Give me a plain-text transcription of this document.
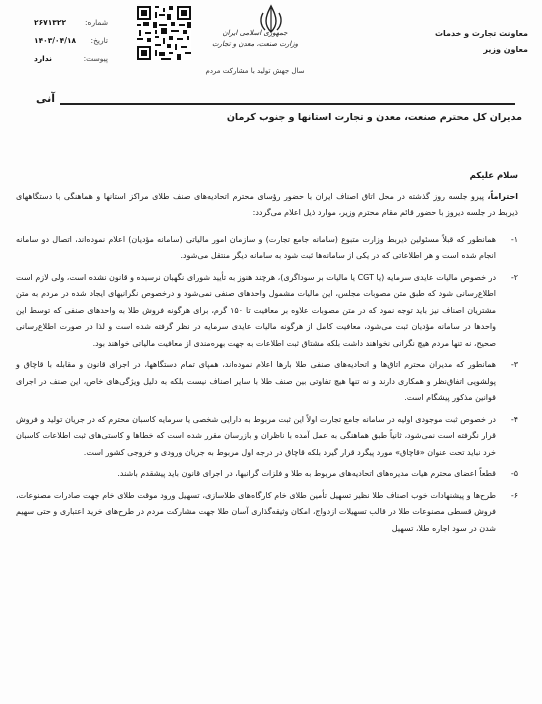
معاونت تجارت و خدمات
معاون وزیر
جمهوری اسلامی ایران
وزارت صنعت، معدن و تجارت
سال جهش تولید با مشارکت مردم
شماره:
۲۶۷۱۳۲۲
تاریخ:
۱۴۰۳/۰۴/۱۸
پیوست:
ندارد
آنی
مدیران کل محترم صنعت، معدن و تجارت استانها و جنوب کرمان

سلام علیکم

احتراماً، پیرو جلسه روز گذشته در محل اتاق اصناف ایران با حضور رؤسای محترم اتحادیه‌های صنف طلای مراکز استانها و هماهنگی با دستگاههای ذیربط در جلسه دیروز با حضور قائم مقام محترم وزیر، موارد ذیل اعلام می‌گردد:

۱-
همانطور که قبلاً مسئولین ذیربط وزارت متبوع (سامانه جامع تجارت) و سازمان امور مالیاتی (سامانه مؤدیان) اعلام نموده‌اند، اتصال دو سامانه انجام شده است و هر اطلاعاتی که در یکی از سامانه‌ها ثبت شود به سامانه دیگر منتقل می‌شود.
۲-
در خصوص مالیات عایدی سرمایه (یا CGT یا مالیات بر سوداگری)، هرچند هنوز به تأیید شورای نگهبان نرسیده و قانون نشده است، ولی لازم است اطلاع‌رسانی شود که طبق متن مصوبات مجلس، این مالیات مشمول واحدهای صنفی نمی‌شود و درخصوص نگرانیهای ایجاد شده در مردم به متن مشتریان اصناف نیز باید توجه نمود که در متن مصوبات علاوه بر معافیت تا ۱۵۰ گرم، برای هرگونه فروش طلا به واحدهای صنفی که توسط این واحدها در سامانه مؤدیان ثبت می‌شود، معافیت کامل از هرگونه مالیات عایدی سرمایه در نظر گرفته شده است و لذا در صورت اطلاع‌رسانی صحیح، نه تنها مردم هیچ نگرانی نخواهند داشت بلکه مشتاق ثبت اطلاعات به جهت بهره‌مندی از معافیت مالیاتی خواهند بود.
۳-
همانطور که مدیران محترم اتاق‌ها و اتحادیه‌های صنفی طلا بارها اعلام نموده‌اند، همپای تمام دستگاهها، در اجرای قانون و مقابله با قاچاق و پولشویی اتفاق‌نظر و همکاری دارند و نه تنها هیچ تفاوتی بین صنف طلا با سایر اصناف نیست بلکه به دلیل ویژگی‌های خاص، این صنف در اجرای قوانین مذکور پیشگام است.
۴-
در خصوص ثبت موجودی اولیه در سامانه جامع تجارت اولاً این ثبت مربوط به دارایی شخصی یا سرمایه کاسبان محترم که در جریان تولید و فروش قرار نگرفته است نمی‌شود، ثانیاً طبق هماهنگی به عمل آمده با ناظران و بازرسان مقرر شده است که خطاها و کاستی‌های ثبت اطلاعات کاسبان خرد نباید تحت عنوان «قاچاق» مورد پیگرد قرار گیرد بلکه قاچاق در درجه اول مربوط به جریان ورودی و خروجی کشور است.
۵-
قطعاً اعضای محترم هیات مدیره‌های اتحادیه‌های مربوط به طلا و فلزات گرانبها، در اجرای قانون باید پیشقدم باشند.
۶-
طرح‌ها و پیشنهادات خوب اصناف طلا نظیر تسهیل تأمین طلای خام کارگاه‌های طلاسازی، تسهیل ورود موقت طلای خام جهت صادرات مصنوعات، فروش قسطی مصنوعات طلا در قالب تسهیلات ازدواج، امکان وثیقه‌گذاری آسان طلا جهت مشارکت مردم در طرح‌های خرید اعتباری و حتی سهیم شدن در سود اجاره طلا، تسهیل
